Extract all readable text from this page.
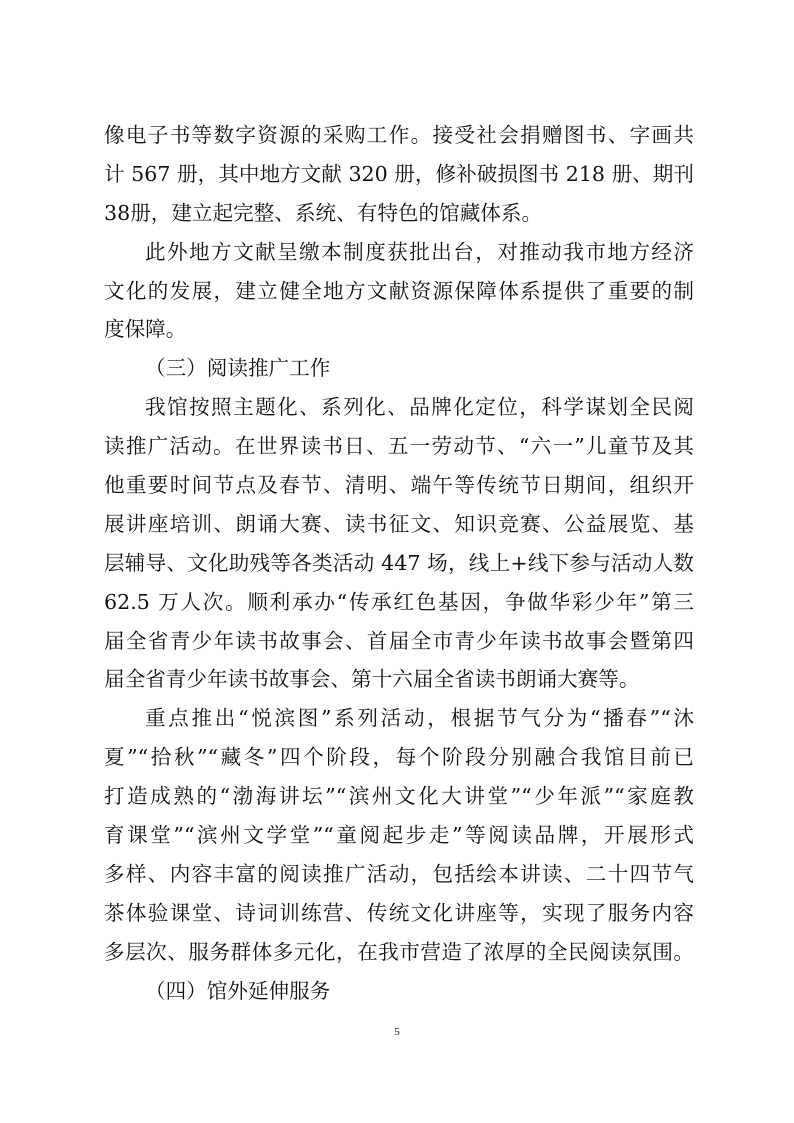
像电子书等数字资源的采购工作。接受社会捐赠图书、字画共
计 567 册，其中地方文献 320 册，修补破损图书 218 册、期刊
38册，建立起完整、系统、有特色的馆藏体系。
此外地方文献呈缴本制度获批出台，对推动我市地方经济
文化的发展，建立健全地方文献资源保障体系提供了重要的制
度保障。
（三）阅读推广工作
我馆按照主题化、系列化、品牌化定位，科学谋划全民阅
读推广活动。在世界读书日、五一劳动节、“六一”儿童节及其
他重要时间节点及春节、清明、端午等传统节日期间，组织开
展讲座培训、朗诵大赛、读书征文、知识竞赛、公益展览、基
层辅导、文化助残等各类活动 447 场，线上+线下参与活动人数
62.5 万人次。顺利承办“传承红色基因，争做华彩少年”第三
届全省青少年读书故事会、首届全市青少年读书故事会暨第四
届全省青少年读书故事会、第十六届全省读书朗诵大赛等。
重点推出“悦滨图”系列活动，根据节气分为“播春”“沐
夏”“拾秋”“藏冬”四个阶段，每个阶段分别融合我馆目前已
打造成熟的“渤海讲坛”“滨州文化大讲堂”“少年派”“家庭教
育课堂”“滨州文学堂”“童阅起步走”等阅读品牌，开展形式
多样、内容丰富的阅读推广活动，包括绘本讲读、二十四节气
茶体验课堂、诗词训练营、传统文化讲座等，实现了服务内容
多层次、服务群体多元化，在我市营造了浓厚的全民阅读氛围。
（四）馆外延伸服务
5
